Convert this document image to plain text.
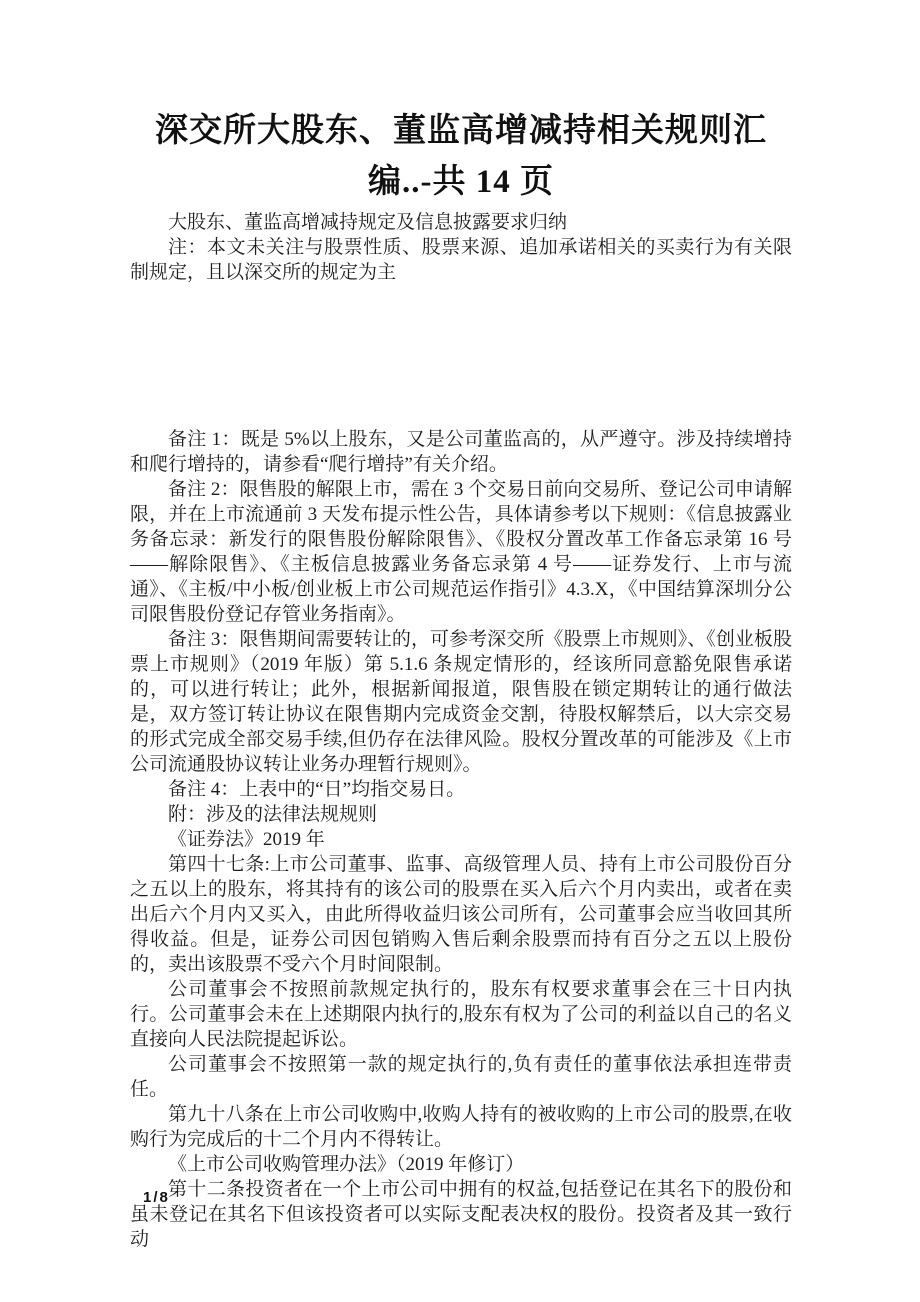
深交所大股东、董监高增减持相关规则汇编..-共 14 页

大股东、董监高增减持规定及信息披露要求归纳

注：本文未关注与股票性质、股票来源、追加承诺相关的买卖行为有关限制规定，且以深交所的规定为主

备注 1：既是 5%以上股东，又是公司董监高的，从严遵守。涉及持续增持和爬行增持的，请参看“爬行增持”有关介绍。

备注 2：限售股的解限上市，需在 3 个交易日前向交易所、登记公司申请解限，并在上市流通前 3 天发布提示性公告，具体请参考以下规则：《信息披露业务备忘录：新发行的限售股份解除限售》、《股权分置改革工作备忘录第 16 号——解除限售》、《主板信息披露业务备忘录第 4 号——证券发行、上市与流通》、《主板/中小板/创业板上市公司规范运作指引》4.3.X，《中国结算深圳分公司限售股份登记存管业务指南》。

备注 3：限售期间需要转让的，可参考深交所《股票上市规则》、《创业板股票上市规则》（2019 年版）第 5.1.6 条规定情形的，经该所同意豁免限售承诺的，可以进行转让；此外，根据新闻报道，限售股在锁定期转让的通行做法是，双方签订转让协议在限售期内完成资金交割，待股权解禁后，以大宗交易的形式完成全部交易手续,但仍存在法律风险。股权分置改革的可能涉及《上市公司流通股协议转让业务办理暂行规则》。

备注 4：上表中的“日”均指交易日。

附：涉及的法律法规规则

《证券法》2019 年

第四十七条:上市公司董事、监事、高级管理人员、持有上市公司股份百分之五以上的股东，将其持有的该公司的股票在买入后六个月内卖出，或者在卖出后六个月内又买入，由此所得收益归该公司所有，公司董事会应当收回其所得收益。但是，证券公司因包销购入售后剩余股票而持有百分之五以上股份的，卖出该股票不受六个月时间限制。

公司董事会不按照前款规定执行的，股东有权要求董事会在三十日内执行。公司董事会未在上述期限内执行的,股东有权为了公司的利益以自己的名义直接向人民法院提起诉讼。

公司董事会不按照第一款的规定执行的,负有责任的董事依法承担连带责任。

第九十八条在上市公司收购中,收购人持有的被收购的上市公司的股票,在收购行为完成后的十二个月内不得转让。

《上市公司收购管理办法》（2019 年修订）

第十二条投资者在一个上市公司中拥有的权益,包括登记在其名下的股份和虽未登记在其名下但该投资者可以实际支配表决权的股份。投资者及其一致行动

1/8
